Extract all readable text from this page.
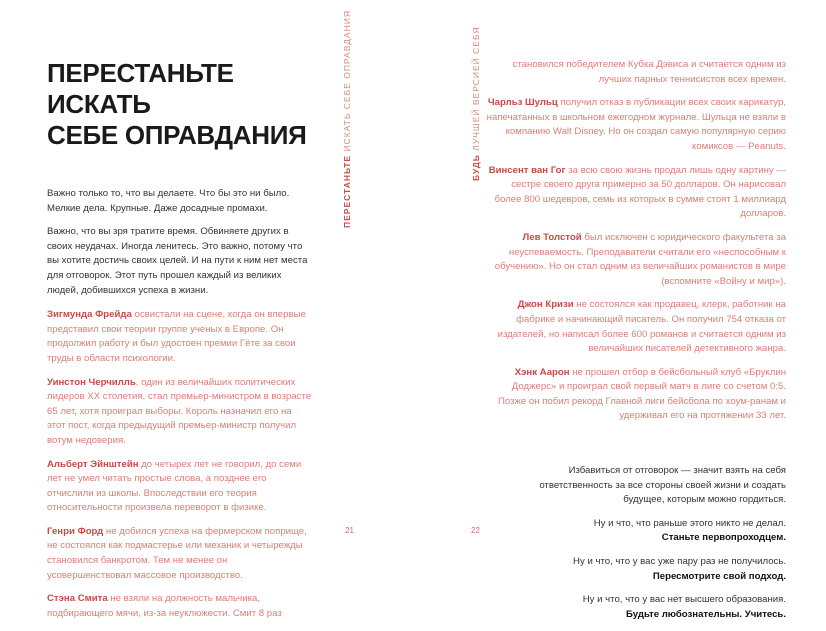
ПЕРЕСТАНЬТЕ ИСКАТЬ
СЕБЕ ОПРАВДАНИЯ

Важно только то, что вы делаете. Что бы это ни было. Мелкие дела. Крупные. Даже досадные промахи.

Важно, что вы зря тратите время. Обвиняете других в своих неудачах. Иногда ленитесь. Это важно, потому что вы хотите достичь своих целей. И на пути к ним нет места для отговорок. Этот путь прошел каждый из великих людей, добившихся успеха в жизни.

Зигмунда Фрейда освистали на сцене, когда он впервые представил свои теории группе ученых в Европе. Он продолжил работу и был удостоен премии Гёте за свои труды в области психологии.

Уинстон Черчилль, один из величайших политических лидеров XX столетия, стал премьер-министром в возрасте 65 лет, хотя проиграл выборы. Король назначил его на этот пост, когда предыдущий премьер-министр получил вотум недоверия.

Альберт Эйнштейн до четырех лет не говорил, до семи лет не умел читать простые слова, а позднее его отчислили из школы. Впоследствии его теория относительности произвела переворот в физике.

Генри Форд не добился успеха на фермерском поприще, не состоялся как подмастерье или механик и четырежды становился банкротом. Тем не менее он усовершенствовал массовое производство.

Стэна Смита не взяли на должность мальчика, подбирающего мячи, из-за неуклюжести. Смит 8 раз

ПЕРЕСТАНЬТЕ ИСКАТЬ СЕБЕ ОПРАВДАНИЯ
21
БУДЬ ЛУЧШЕЙ ВЕРСИЕЙ СЕБЯ	становился победителем Кубка Дэвиса и считается одним из лучших парных теннисистов всех времен.

Чарльз Шульц получил отказ в публикации всех своих карикатур, напечатанных в школьном ежегодном журнале. Шульца не взяли в компанию Walt Disney. Но он создал самую популярную серию комиксов — Peanuts.

Винсент ван Гог за всю свою жизнь продал лишь одну картину — сестре своего друга примерно за 50 долларов. Он нарисовал более 800 шедевров, семь из которых в сумме стоят 1 миллиард долларов.

Лев Толстой был исключен с юридического факультета за неуспеваемость. Преподаватели считали его «неспособным к обучению». Но он стал одним из величайших романистов в мире (вспомните «Войну и мир»).

Джон Кризи не состоялся как продавец, клерк, работник на фабрике и начинающий писатель. Он получил 754 отказа от издателей, но написал более 600 романов и считается одним из величайших писателей детективного жанра.

Хэнк Аарон не прошел отбор в бейсбольный клуб «Бруклин Доджерс» и проиграл свой первый матч в лиге со счетом 0:5. Позже он побил рекорд Главной лиги бейсбола по хоум-ранам и удерживал его на протяжении 33 лет.

Избавиться от отговорок — значит взять на себя ответственность за все стороны своей жизни и создать будущее, которым можно гордиться.

Ну и что, что раньше этого никто не делал.
Станьте первопроходцем.

Ну и что, что у вас уже пару раз не получилось.
Пересмотрите свой подход.

Ну и что, что у вас нет высшего образования.
Будьте любознательны. Учитесь.

22
